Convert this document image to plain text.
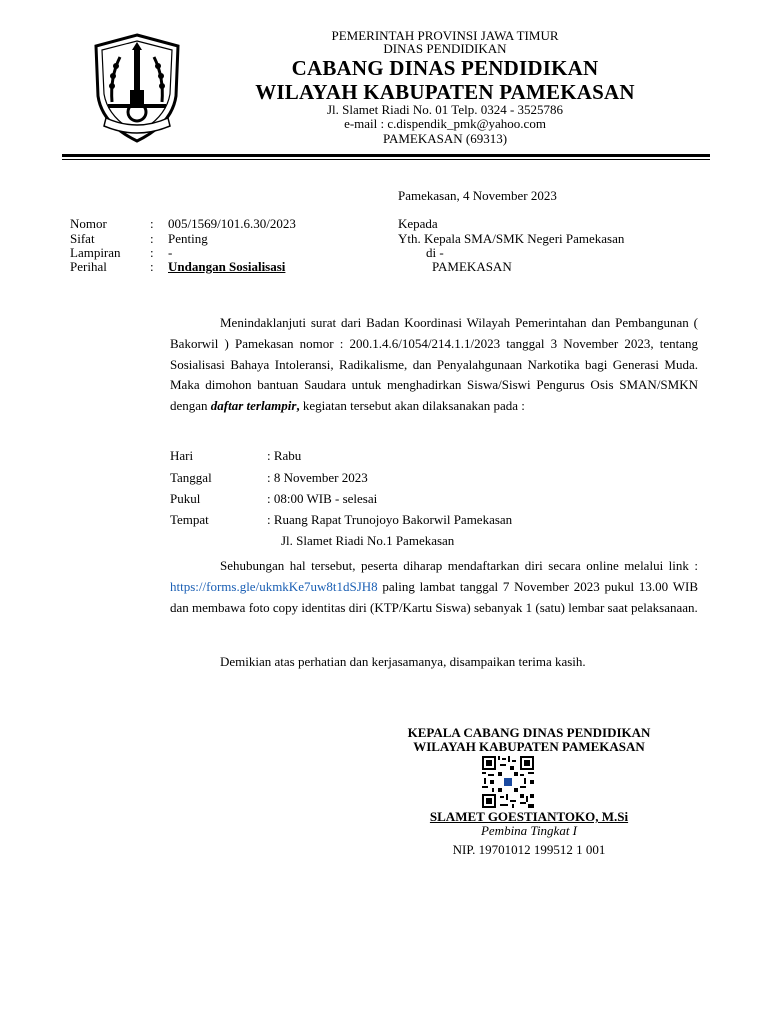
PEMERINTAH PROVINSI JAWA TIMUR
DINAS PENDIDIKAN
CABANG DINAS PENDIDIKAN
WILAYAH KABUPATEN PAMEKASAN
Jl. Slamet Riadi No. 01 Telp. 0324 - 3525786
e-mail : c.dispendik_pmk@yahoo.com
PAMEKASAN (69313)
Pamekasan, 4 November 2023
Nomor	: 005/1569/101.6.30/2023
Sifat	: Penting
Lampiran : -
Perihal	: Undangan Sosialisasi
Kepada
Yth. Kepala SMA/SMK Negeri Pamekasan
di -
PAMEKASAN
Menindaklanjuti surat dari Badan Koordinasi Wilayah Pemerintahan dan Pembangunan ( Bakorwil ) Pamekasan nomor : 200.1.4.6/1054/214.1.1/2023 tanggal 3 November 2023, tentang Sosialisasi Bahaya Intoleransi, Radikalisme, dan Penyalahgunaan Narkotika bagi Generasi Muda. Maka dimohon bantuan Saudara untuk menghadirkan Siswa/Siswi Pengurus Osis SMAN/SMKN dengan daftar terlampir, kegiatan tersebut akan dilaksanakan pada :
Hari	: Rabu
Tanggal	: 8 November 2023
Pukul	: 08:00 WIB - selesai
Tempat	: Ruang Rapat Trunojoyo Bakorwil Pamekasan
Jl. Slamet Riadi No.1 Pamekasan
Sehubungan hal tersebut, peserta diharap mendaftarkan diri secara online melalui link : https://forms.gle/ukmkKe7uw8t1dSJH8 paling lambat tanggal 7 November 2023 pukul 13.00 WIB dan membawa foto copy identitas diri (KTP/Kartu Siswa) sebanyak 1 (satu) lembar saat pelaksanaan.
Demikian atas perhatian dan kerjasamanya, disampaikan terima kasih.
KEPALA CABANG DINAS PENDIDIKAN
WILAYAH KABUPATEN PAMEKASAN
SLAMET GOESTIANTOKO, M.Si
Pembina Tingkat I
NIP. 19701012 199512 1 001
